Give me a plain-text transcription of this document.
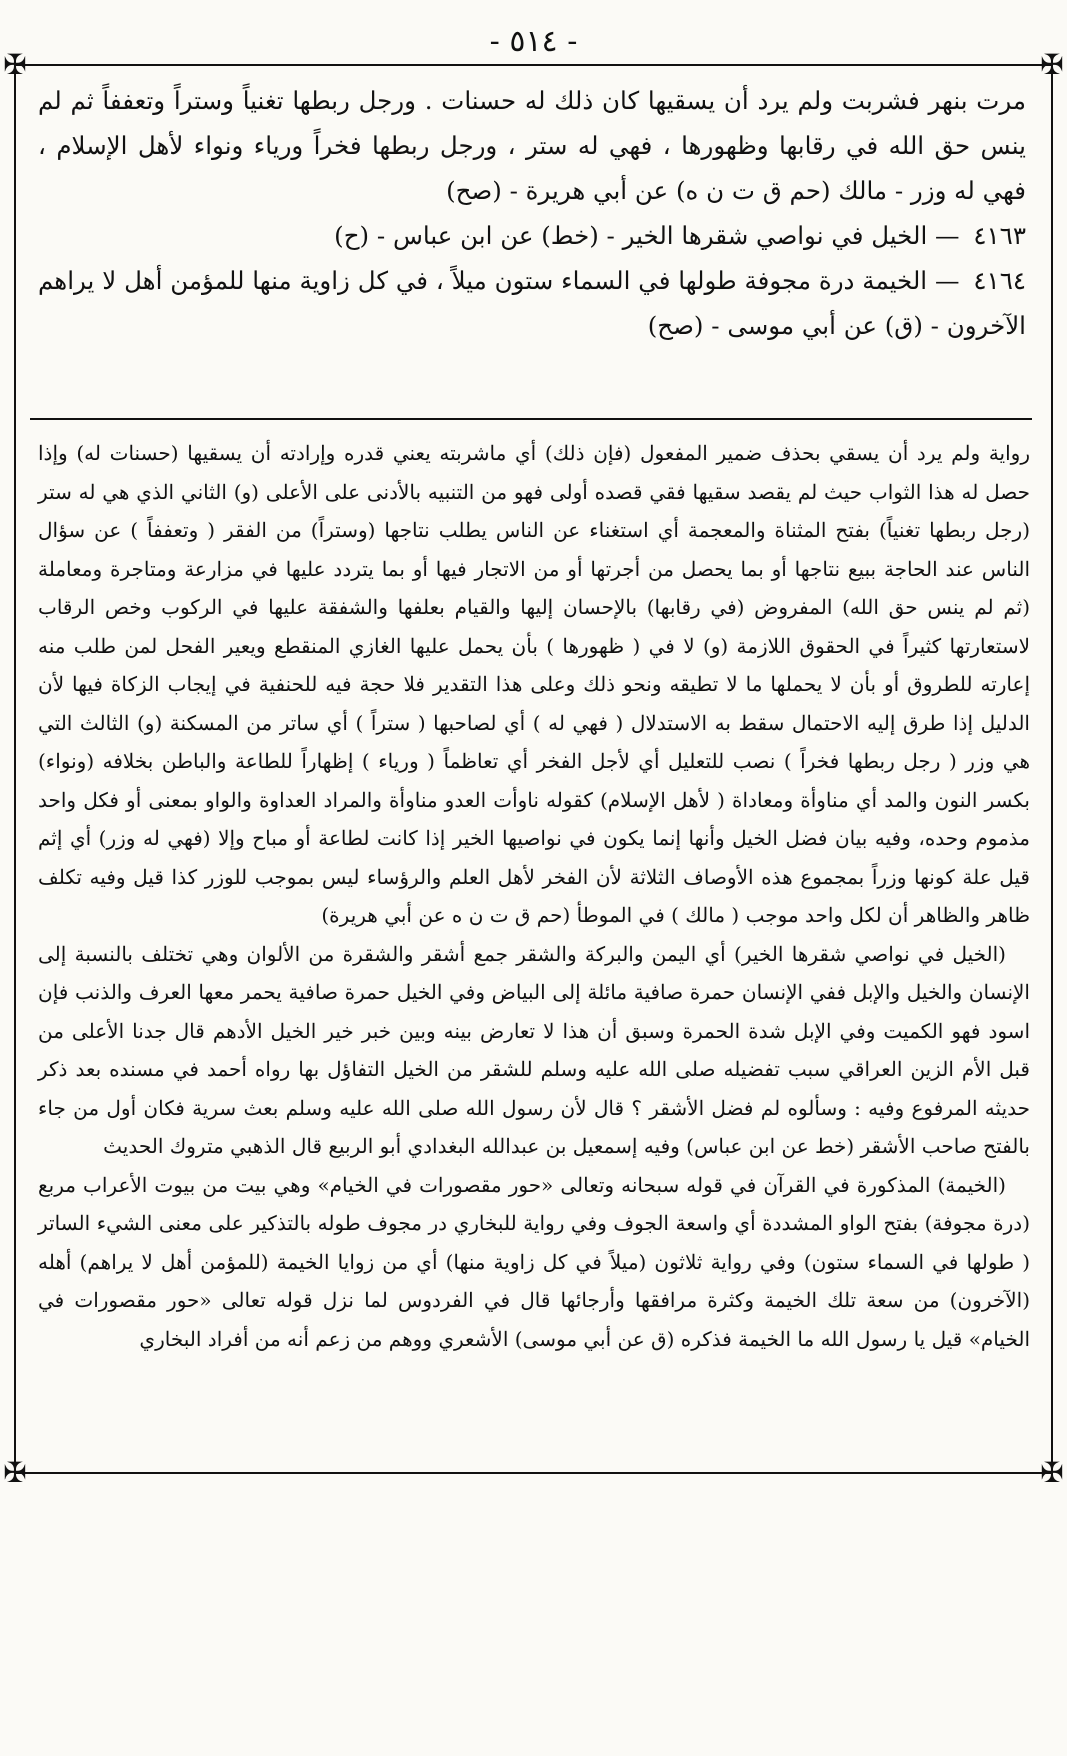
- ٥١٤ -
✠	✠
✠	✠

مرت بنهر فشربت ولم يرد أن يسقيها كان ذلك له حسنات . ورجل ربطها تغنياً وستراً وتعففاً ثم لم ينس حق الله في رقابها وظهورها ، فهي له ستر ، ورجل ربطها فخراً ورياء ونواء لأهل الإسلام ، فهي له وزر - مالك (حم ق ت ن ه) عن أبي هريرة - (صح)

٤١٦٣ — الخيل في نواصي شقرها الخير - (خط) عن ابن عباس - (ح)

٤١٦٤ — الخيمة درة مجوفة طولها في السماء ستون ميلاً ، في كل زاوية منها للمؤمن أهل لا يراهم الآخرون - (ق) عن أبي موسى - (صح)

رواية ولم يرد أن يسقي بحذف ضمير المفعول (فإن ذلك) أي ماشربته يعني قدره وإرادته أن يسقيها (حسنات له) وإذا حصل له هذا الثواب حيث لم يقصد سقيها فقي قصده أولى فهو من التنبيه بالأدنى على الأعلى (و) الثاني الذي هي له ستر (رجل ربطها تغنياً) بفتح المثناة والمعجمة أي استغناء عن الناس يطلب نتاجها (وستراً) من الفقر ( وتعففاً ) عن سؤال الناس عند الحاجة ببيع نتاجها أو بما يحصل من أجرتها أو من الاتجار فيها أو بما يتردد عليها في مزارعة ومتاجرة ومعاملة (ثم لم ينس حق الله) المفروض (في رقابها) بالإحسان إليها والقيام بعلفها والشفقة عليها في الركوب وخص الرقاب لاستعارتها كثيراً في الحقوق اللازمة (و) لا في ( ظهورها ) بأن يحمل عليها الغازي المنقطع ويعير الفحل لمن طلب منه إعارته للطروق أو بأن لا يحملها ما لا تطيقه ونحو ذلك وعلى هذا التقدير فلا حجة فيه للحنفية في إيجاب الزكاة فيها لأن الدليل إذا طرق إليه الاحتمال سقط به الاستدلال ( فهي له ) أي لصاحبها ( ستراً ) أي ساتر من المسكنة (و) الثالث التي هي وزر ( رجل ربطها فخراً ) نصب للتعليل أي لأجل الفخر أي تعاظماً ( ورياء ) إظهاراً للطاعة والباطن بخلافه (ونواء) بكسر النون والمد أي مناوأة ومعاداة ( لأهل الإسلام) كقوله ناوأت العدو مناوأة والمراد العداوة والواو بمعنى أو فكل واحد مذموم وحده، وفيه بيان فضل الخيل وأنها إنما يكون في نواصيها الخير إذا كانت لطاعة أو مباح وإلا (فهي له وزر) أي إثم قيل علة كونها وزراً بمجموع هذه الأوصاف الثلاثة لأن الفخر لأهل العلم والرؤساء ليس بموجب للوزر كذا قيل وفيه تكلف ظاهر والظاهر أن لكل واحد موجب ( مالك ) في الموطأ (حم ق ت ن ه عن أبي هريرة)

(الخيل في نواصي شقرها الخير) أي اليمن والبركة والشقر جمع أشقر والشقرة من الألوان وهي تختلف بالنسبة إلى الإنسان والخيل والإبل ففي الإنسان حمرة صافية مائلة إلى البياض وفي الخيل حمرة صافية يحمر معها العرف والذنب فإن اسود فهو الكميت وفي الإبل شدة الحمرة وسبق أن هذا لا تعارض بينه وبين خبر خير الخيل الأدهم قال جدنا الأعلى من قبل الأم الزين العراقي سبب تفضيله صلى الله عليه وسلم للشقر من الخيل التفاؤل بها رواه أحمد في مسنده بعد ذكر حديثه المرفوع وفيه : وسألوه لم فضل الأشقر ؟ قال لأن رسول الله صلى الله عليه وسلم بعث سرية فكان أول من جاء بالفتح صاحب الأشقر (خط عن ابن عباس) وفيه إسمعيل بن عبدالله البغدادي أبو الربيع قال الذهبي متروك الحديث

(الخيمة) المذكورة في القرآن في قوله سبحانه وتعالى «حور مقصورات في الخيام» وهي بيت من بيوت الأعراب مربع (درة مجوفة) بفتح الواو المشددة أي واسعة الجوف وفي رواية للبخاري در مجوف طوله بالتذكير على معنى الشيء الساتر ( طولها في السماء ستون) وفي رواية ثلاثون (ميلاً في كل زاوية منها) أي من زوايا الخيمة (للمؤمن أهل لا يراهم) أهله (الآخرون) من سعة تلك الخيمة وكثرة مرافقها وأرجائها قال في الفردوس لما نزل قوله تعالى «حور مقصورات في الخيام» قيل يا رسول الله ما الخيمة فذكره (ق عن أبي موسى) الأشعري ووهم من زعم أنه من أفراد البخاري
